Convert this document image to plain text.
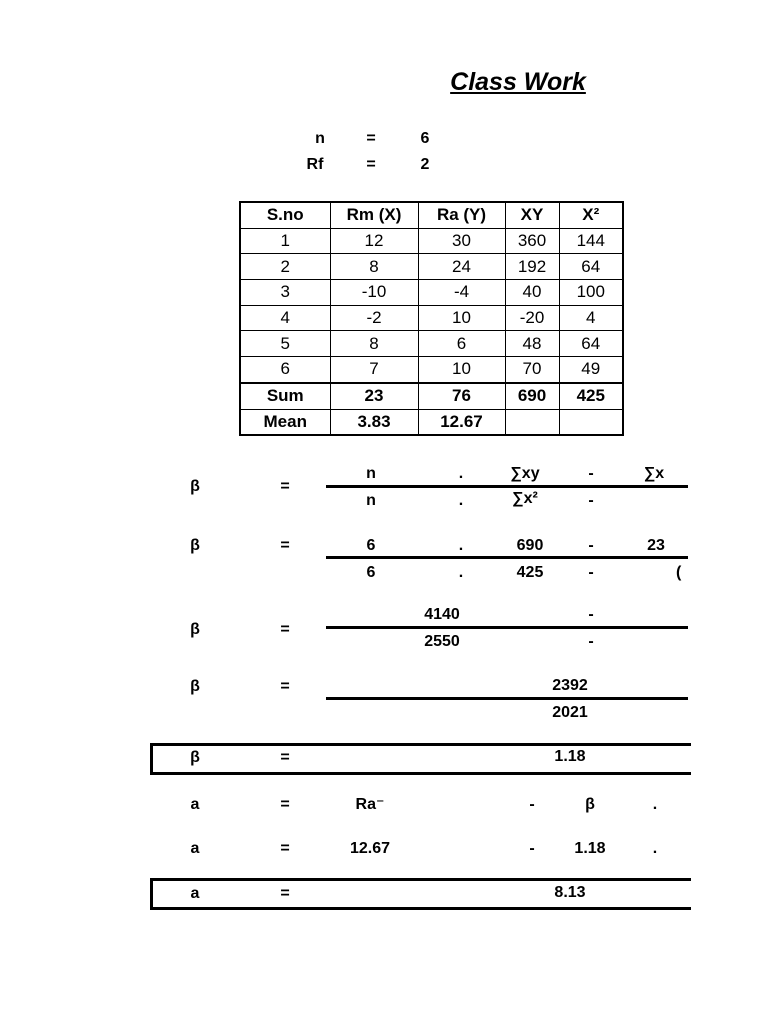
Class Work
n	=	6
Rf	=	2
S.no	Rm (X)	Ra (Y)	XY	X²
1	12	30	360	144
2	8	24	192	64
3	-10	-4	40	100
4	-2	10	-20	4
5	8	6	48	64
6	7	10	70	49
Sum	23	76	690	425
Mean	3.83	12.67		
β	=
n	.	∑xy	-	∑x
n	.	∑x²	-
β	=	6	.	690	-	23
6	.	425	-	(
β	=
4140	-
2550	-
β	=	2392
2021
β	=	1.18
a	=	Ra⁻	-	β	.
a	=	12.67	-	1.18	.
a	=	8.13
